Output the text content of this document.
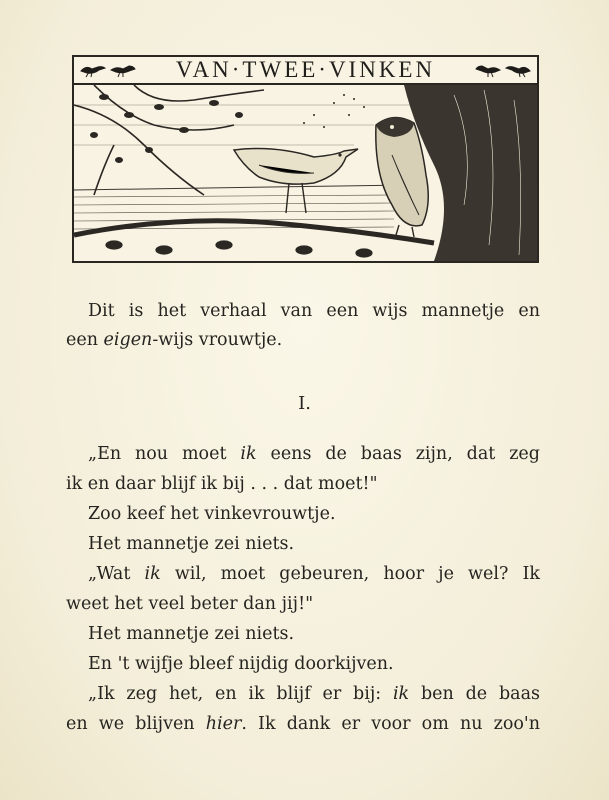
VAN·TWEE·VINKEN
Dit is het verhaal van een wijs mannetje en
een eigen-wijs vrouwtje.
I.
„En nou moet ik eens de baas zijn, dat zeg
ik en daar blijf ik bij . . . dat moet!"
Zoo keef het vinkevrouwtje.
Het mannetje zei niets.
„Wat ik wil, moet gebeuren, hoor je wel? Ik
weet het veel beter dan jij!"
Het mannetje zei niets.
En 't wijfje bleef nijdig doorkijven.
„Ik zeg het, en ik blijf er bij: ik ben de baas
en we blijven hier. Ik dank er voor om nu zoo'n
